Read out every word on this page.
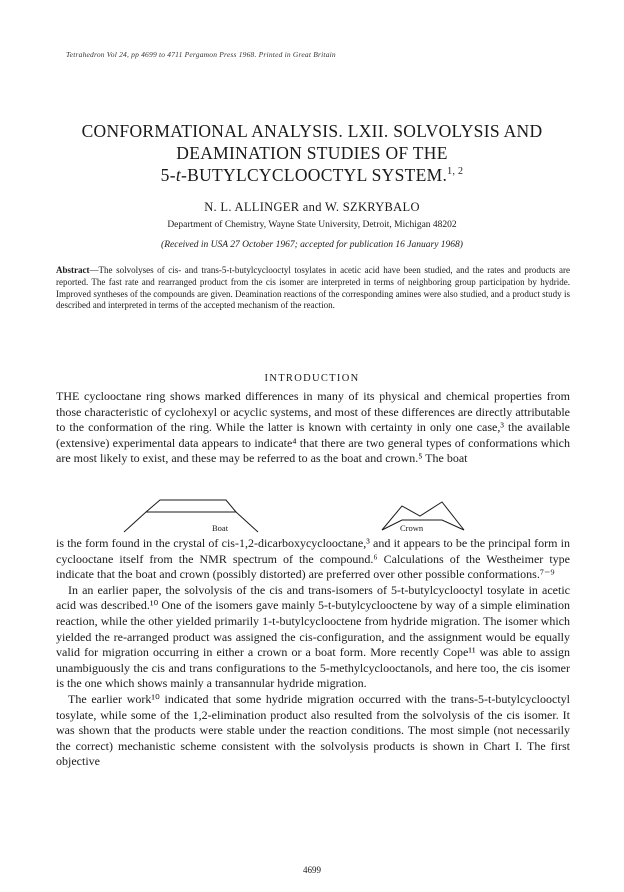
Tetrahedron Vol 24, pp 4699 to 4711 Pergamon Press 1968. Printed in Great Britain
CONFORMATIONAL ANALYSIS. LXII. SOLVOLYSIS AND
DEAMINATION STUDIES OF THE
5-t-BUTYLCYCLOOCTYL SYSTEM.$^{1, 2}$
N. L. ALLINGER and W. SZKRYBALO
Department of Chemistry, Wayne State University, Detroit, Michigan 48202
(Received in USA 27 October 1967; accepted for publication 16 January 1968)
Abstract—The solvolyses of cis- and trans-5-t-butylcyclooctyl tosylates in acetic acid have been studied, and the rates and products are reported. The fast rate and rearranged product from the cis isomer are interpreted in terms of neighboring group participation by hydride. Improved syntheses of the compounds are given. Deamination reactions of the corresponding amines were also studied, and a product study is described and interpreted in terms of the accepted mechanism of the reaction.
INTRODUCTION

THE cyclooctane ring shows marked differences in many of its physical and chemical properties from those characteristic of cyclohexyl or acyclic systems, and most of these differences are directly attributable to the conformation of the ring. While the latter is known with certainty in only one case,³ the available (extensive) experimental data appears to indicate⁴ that there are two general types of conformations which are most likely to exist, and these may be referred to as the boat and crown.⁵ The boat

Boat	Crown

is the form found in the crystal of cis-1,2-dicarboxycyclooctane,³ and it appears to be the principal form in cyclooctane itself from the NMR spectrum of the compound.⁶ Calculations of the Westheimer type indicate that the boat and crown (possibly distorted) are preferred over other possible conformations.⁷⁻⁹

In an earlier paper, the solvolysis of the cis and trans-isomers of 5-t-butylcyclooctyl tosylate in acetic acid was described.¹⁰ One of the isomers gave mainly 5-t-butylcyclooctene by way of a simple elimination reaction, while the other yielded primarily 1-t-butylcyclooctene from hydride migration. The isomer which yielded the re-arranged product was assigned the cis-configuration, and the assignment would be equally valid for migration occurring in either a crown or a boat form. More recently Cope¹¹ was able to assign unambiguously the cis and trans configurations to the 5-methylcyclooctanols, and here too, the cis isomer is the one which shows mainly a transannular hydride migration.

The earlier work¹⁰ indicated that some hydride migration occurred with the trans-5-t-butylcyclooctyl tosylate, while some of the 1,2-elimination product also resulted from the solvolysis of the cis isomer. It was shown that the products were stable under the reaction conditions. The most simple (not necessarily the correct) mechanistic scheme consistent with the solvolysis products is shown in Chart I. The first objective

4699
